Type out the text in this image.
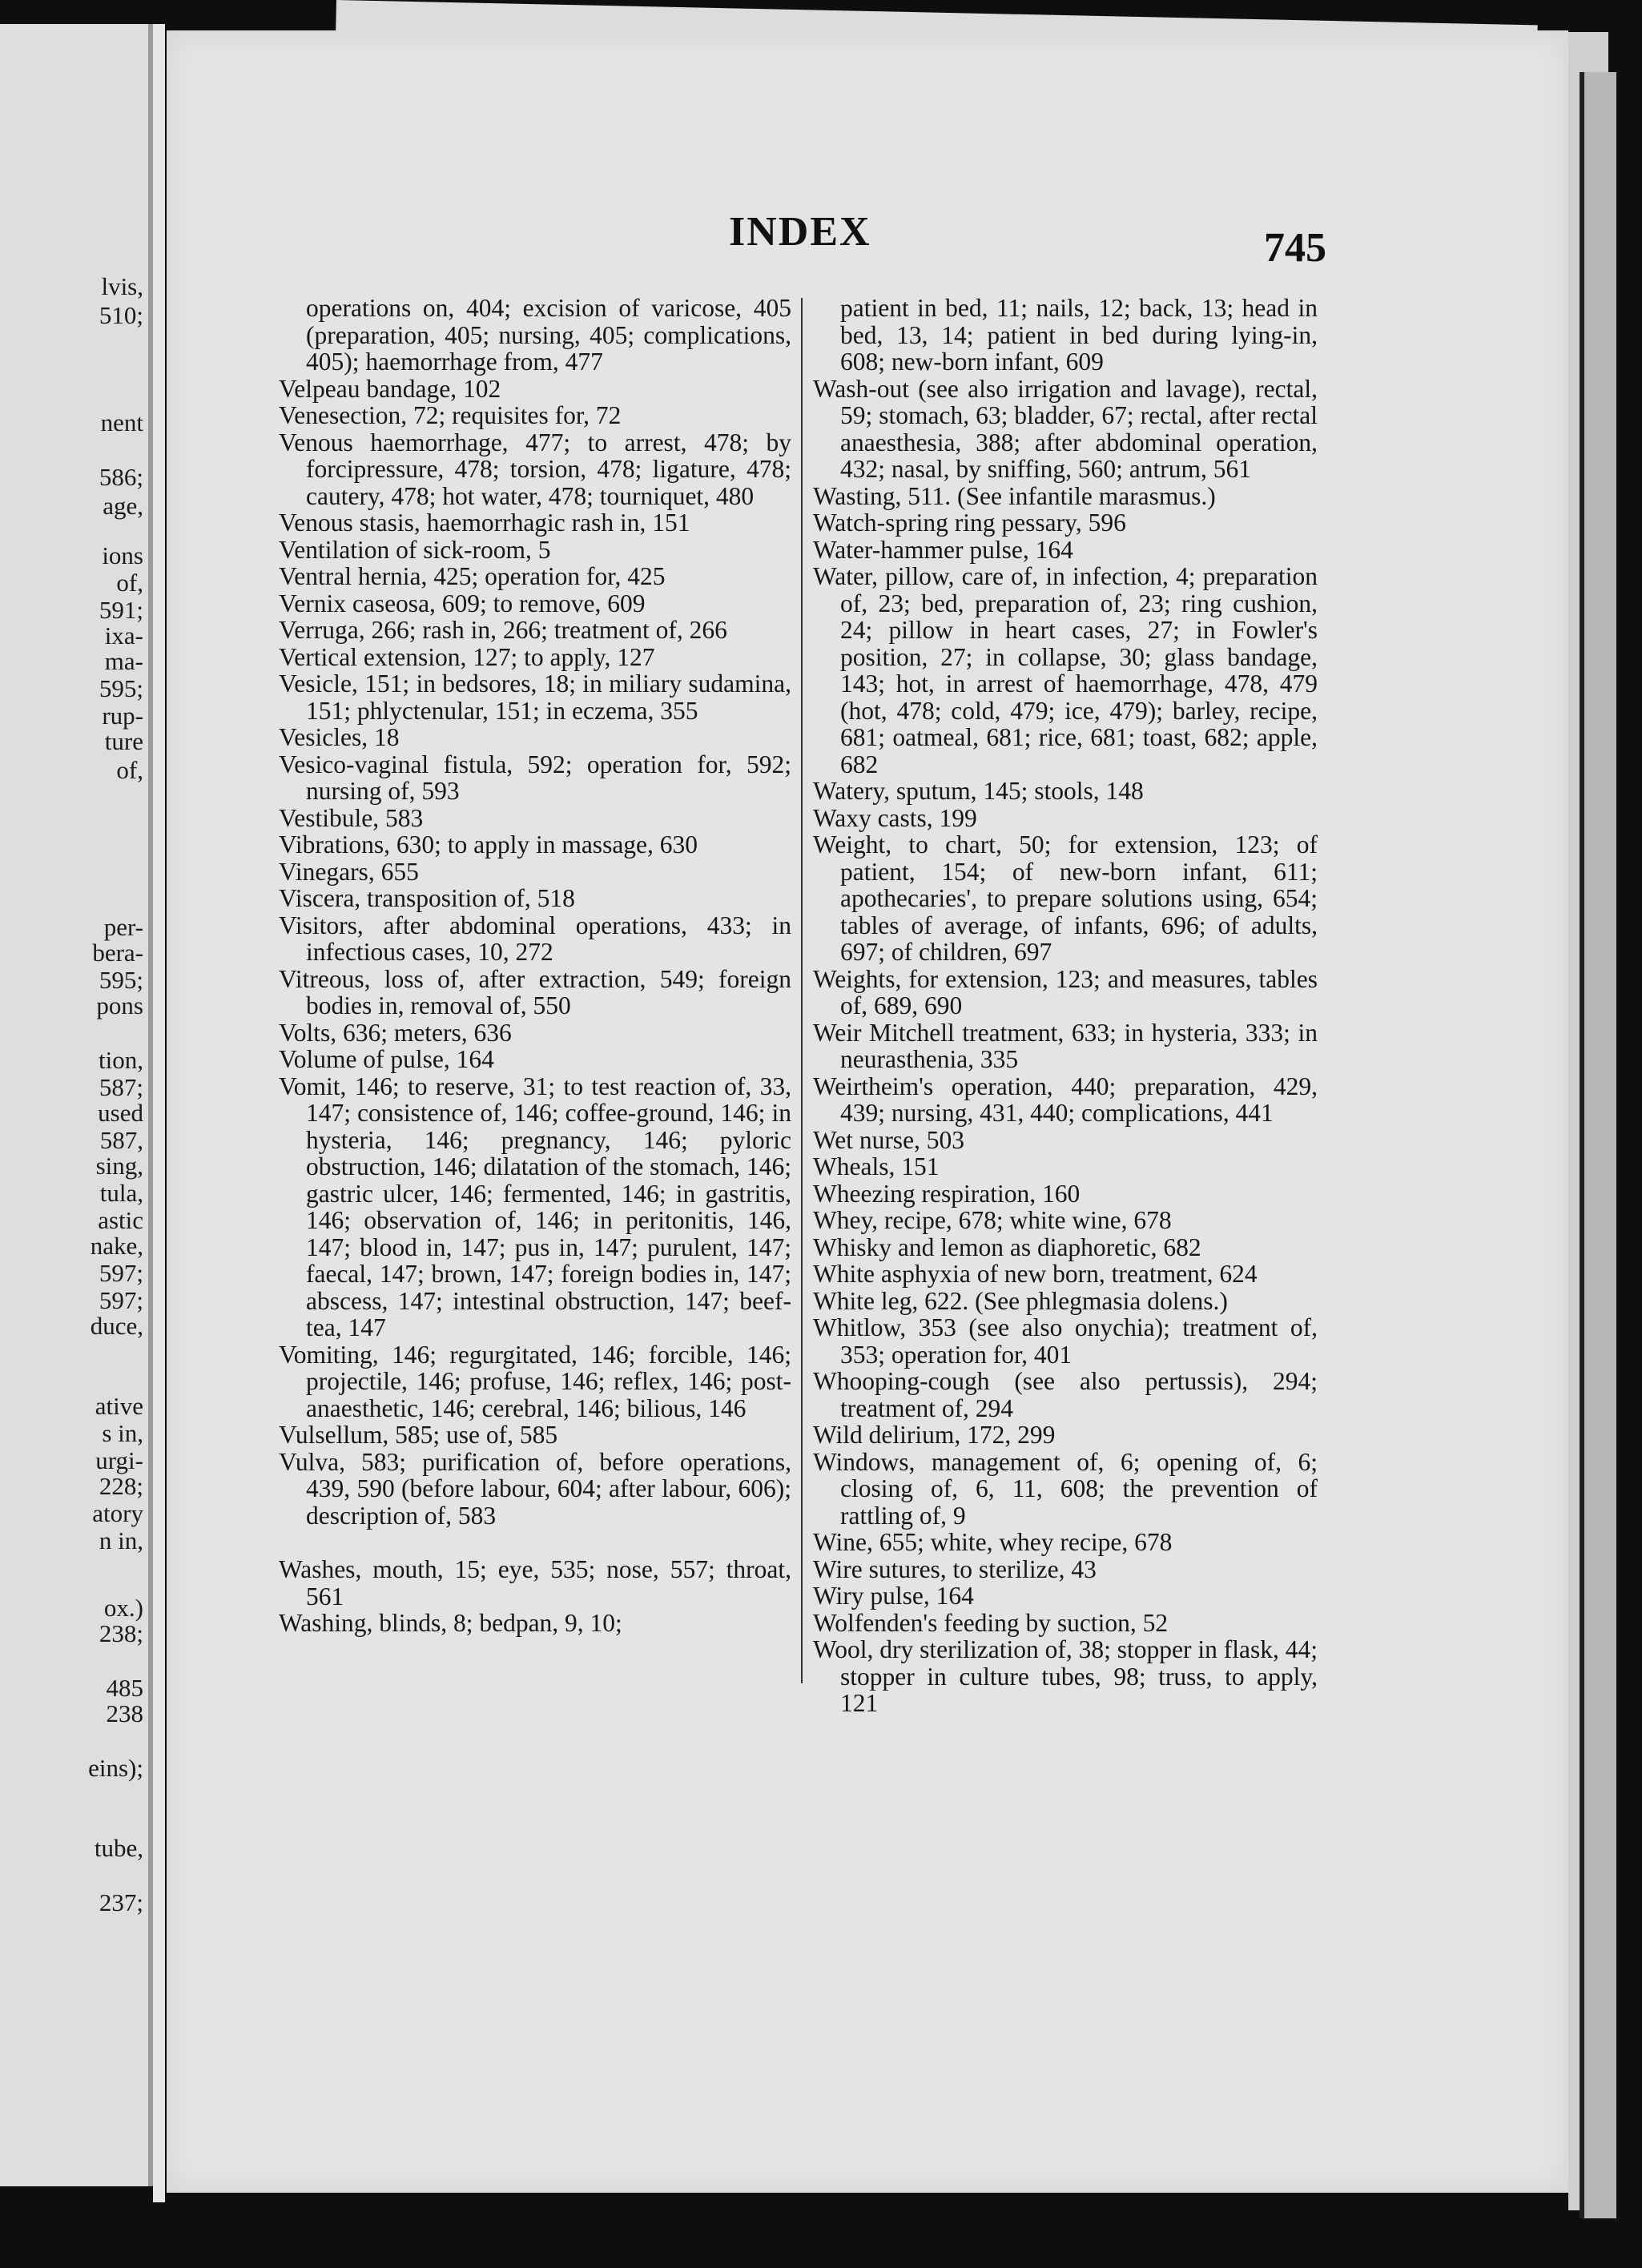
lvis,
510;
nent
586;
age,
ions
of,
591;
ixa-
ma-
595;
rup-
ture
of,
per-
bera-
595;
pons
tion,
587;
used
587,
sing,
tula,
astic
nake,
597;
597;
duce,
ative
s in,
urgi-
228;
atory
n in,
ox.)
238;
485
238
eins);
tube,
237;
INDEX	745

operations on, 404; excision of varicose, 405 (preparation, 405; nursing, 405; complications, 405); haemorrhage from, 477

Velpeau bandage, 102

Venesection, 72; requisites for, 72

Venous haemorrhage, 477; to arrest, 478; by forcipressure, 478; torsion, 478; ligature, 478; cautery, 478; hot water, 478; tourniquet, 480

Venous stasis, haemorrhagic rash in, 151

Ventilation of sick-room, 5

Ventral hernia, 425; operation for, 425

Vernix caseosa, 609; to remove, 609

Verruga, 266; rash in, 266; treatment of, 266

Vertical extension, 127; to apply, 127

Vesicle, 151; in bedsores, 18; in miliary sudamina, 151; phlyctenular, 151; in eczema, 355

Vesicles, 18

Vesico-vaginal fistula, 592; operation for, 592; nursing of, 593

Vestibule, 583

Vibrations, 630; to apply in massage, 630

Vinegars, 655

Viscera, transposition of, 518

Visitors, after abdominal operations, 433; in infectious cases, 10, 272

Vitreous, loss of, after extraction, 549; foreign bodies in, removal of, 550

Volts, 636; meters, 636

Volume of pulse, 164

Vomit, 146; to reserve, 31; to test reaction of, 33, 147; consistence of, 146; coffee-ground, 146; in hysteria, 146; pregnancy, 146; pyloric obstruction, 146; dilatation of the stomach, 146; gastric ulcer, 146; fermented, 146; in gastritis, 146; observation of, 146; in peritonitis, 146, 147; blood in, 147; pus in, 147; purulent, 147; faecal, 147; brown, 147; foreign bodies in, 147; abscess, 147; intestinal obstruction, 147; beef-tea, 147

Vomiting, 146; regurgitated, 146; forcible, 146; projectile, 146; profuse, 146; reflex, 146; post-anaesthetic, 146; cerebral, 146; bilious, 146

Vulsellum, 585; use of, 585

Vulva, 583; purification of, before operations, 439, 590 (before labour, 604; after labour, 606); description of, 583

Washes, mouth, 15; eye, 535; nose, 557; throat, 561

Washing, blinds, 8; bedpan, 9, 10;

patient in bed, 11; nails, 12; back, 13; head in bed, 13, 14; patient in bed during lying-in, 608; new-born infant, 609

Wash-out (see also irrigation and lavage), rectal, 59; stomach, 63; bladder, 67; rectal, after rectal anaesthesia, 388; after abdominal operation, 432; nasal, by sniffing, 560; antrum, 561

Wasting, 511. (See infantile marasmus.)

Watch-spring ring pessary, 596

Water-hammer pulse, 164

Water, pillow, care of, in infection, 4; preparation of, 23; bed, preparation of, 23; ring cushion, 24; pillow in heart cases, 27; in Fowler's position, 27; in collapse, 30; glass bandage, 143; hot, in arrest of haemorrhage, 478, 479 (hot, 478; cold, 479; ice, 479); barley, recipe, 681; oatmeal, 681; rice, 681; toast, 682; apple, 682

Watery, sputum, 145; stools, 148

Waxy casts, 199

Weight, to chart, 50; for extension, 123; of patient, 154; of new-born infant, 611; apothecaries', to prepare solutions using, 654; tables of average, of infants, 696; of adults, 697; of children, 697

Weights, for extension, 123; and measures, tables of, 689, 690

Weir Mitchell treatment, 633; in hysteria, 333; in neurasthenia, 335

Weirtheim's operation, 440; preparation, 429, 439; nursing, 431, 440; complications, 441

Wet nurse, 503

Wheals, 151

Wheezing respiration, 160

Whey, recipe, 678; white wine, 678

Whisky and lemon as diaphoretic, 682

White asphyxia of new born, treatment, 624

White leg, 622. (See phlegmasia dolens.)

Whitlow, 353 (see also onychia); treatment of, 353; operation for, 401

Whooping-cough (see also pertussis), 294; treatment of, 294

Wild delirium, 172, 299

Windows, management of, 6; opening of, 6; closing of, 6, 11, 608; the prevention of rattling of, 9

Wine, 655; white, whey recipe, 678

Wire sutures, to sterilize, 43

Wiry pulse, 164

Wolfenden's feeding by suction, 52

Wool, dry sterilization of, 38; stopper in flask, 44; stopper in culture tubes, 98; truss, to apply, 121
